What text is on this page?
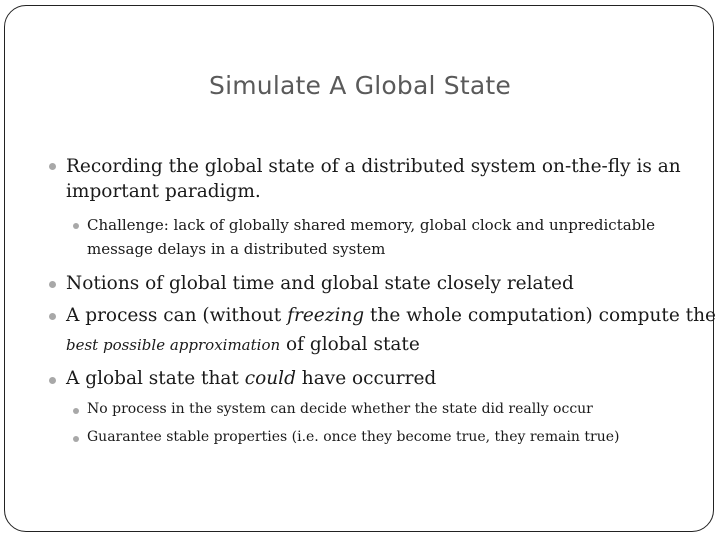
Simulate A Global State
Recording the global state of a distributed system on-the-fly is an
important paradigm.
Challenge: lack of globally shared memory, global clock and unpredictable
message delays in a distributed system
Notions of global time and global state closely related
A process can (without freezing the whole computation) compute the
best possible approximation of global state
A global state that could have occurred
No process in the system can decide whether the state did really occur
Guarantee stable properties (i.e. once they become true, they remain true)
